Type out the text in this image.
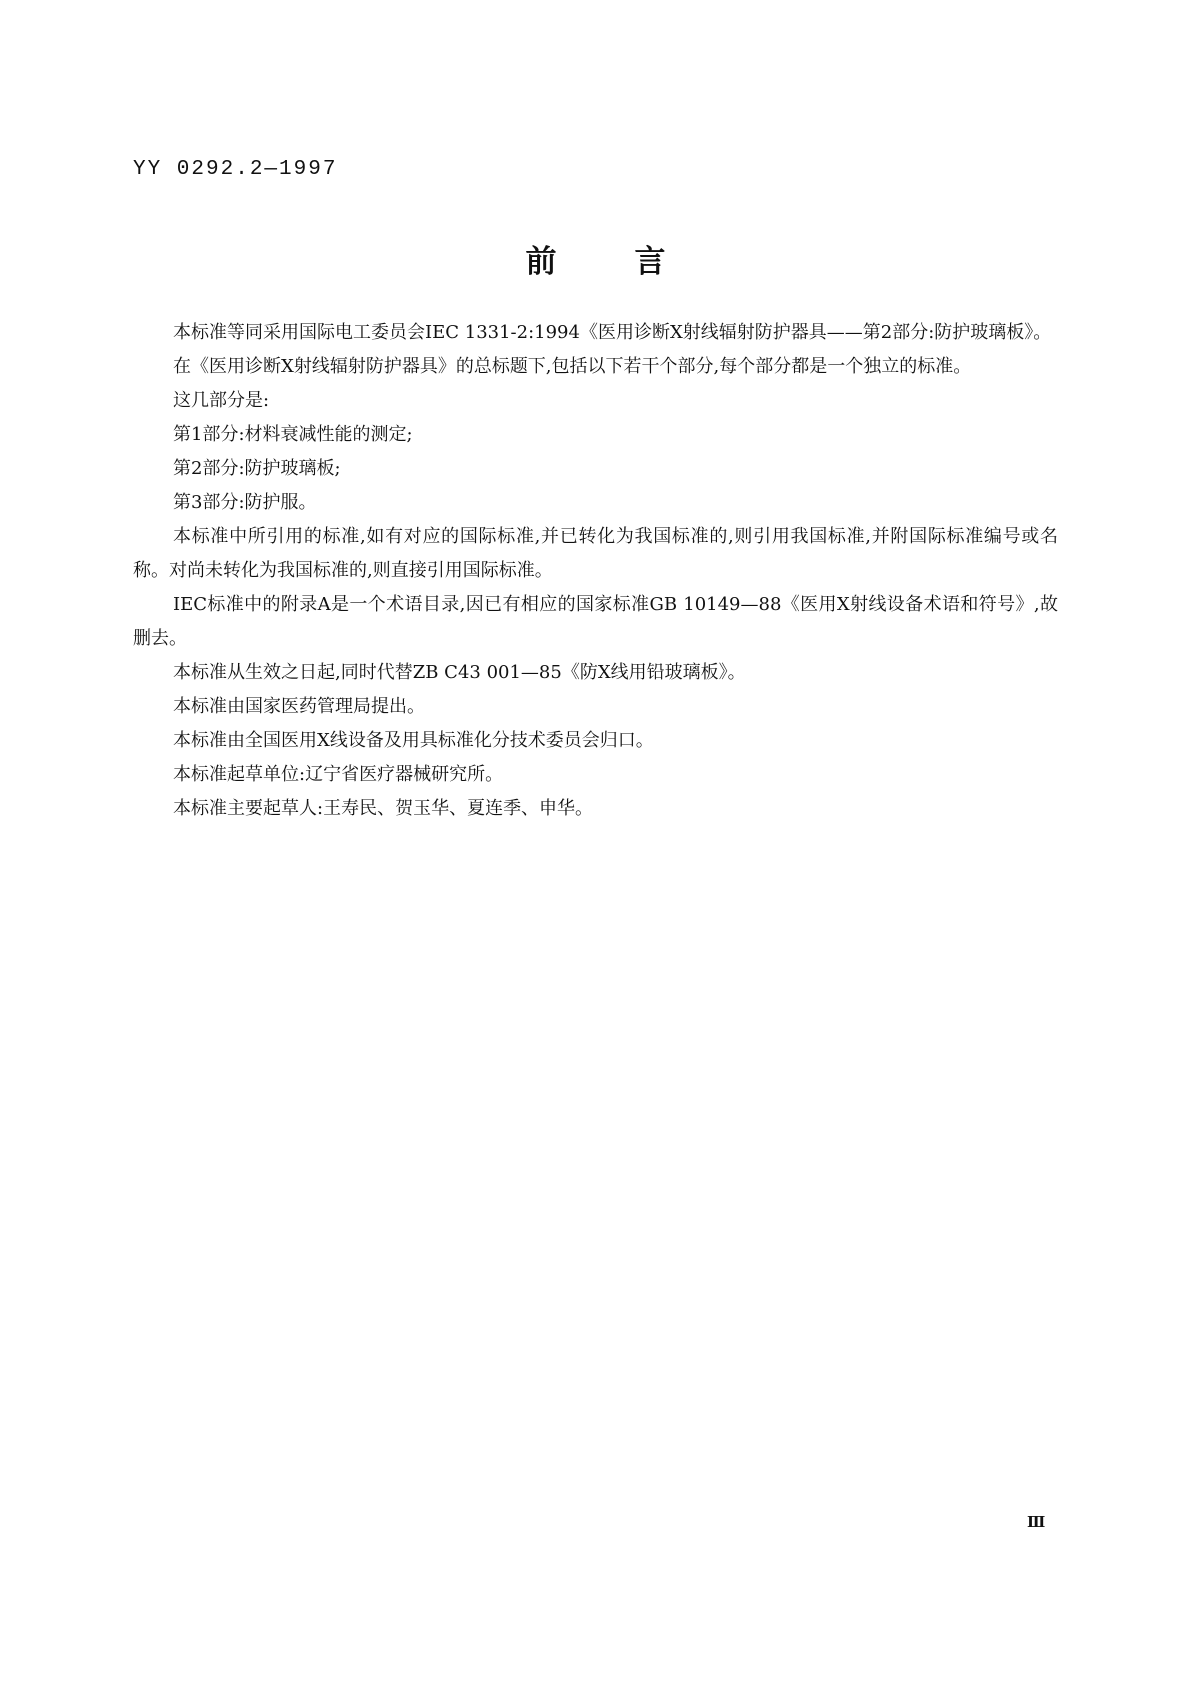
YY 0292.2—1997
前言

本标准等同采用国际电工委员会IEC 1331-2:1994《医用诊断X射线辐射防护器具——第2部分:防护玻璃板》。

在《医用诊断X射线辐射防护器具》的总标题下,包括以下若干个部分,每个部分都是一个独立的标准。

这几部分是:

第1部分:材料衰减性能的测定;

第2部分:防护玻璃板;

第3部分:防护服。

本标准中所引用的标准,如有对应的国际标准,并已转化为我国标准的,则引用我国标准,并附国际标准编号或名称。对尚未转化为我国标准的,则直接引用国际标准。

IEC标准中的附录A是一个术语目录,因已有相应的国家标准GB 10149—88《医用X射线设备术语和符号》,故删去。

本标准从生效之日起,同时代替ZB C43 001—85《防X线用铅玻璃板》。

本标准由国家医药管理局提出。

本标准由全国医用X线设备及用具标准化分技术委员会归口。

本标准起草单位:辽宁省医疗器械研究所。

本标准主要起草人:王寿民、贺玉华、夏连季、申华。

Ⅲ
